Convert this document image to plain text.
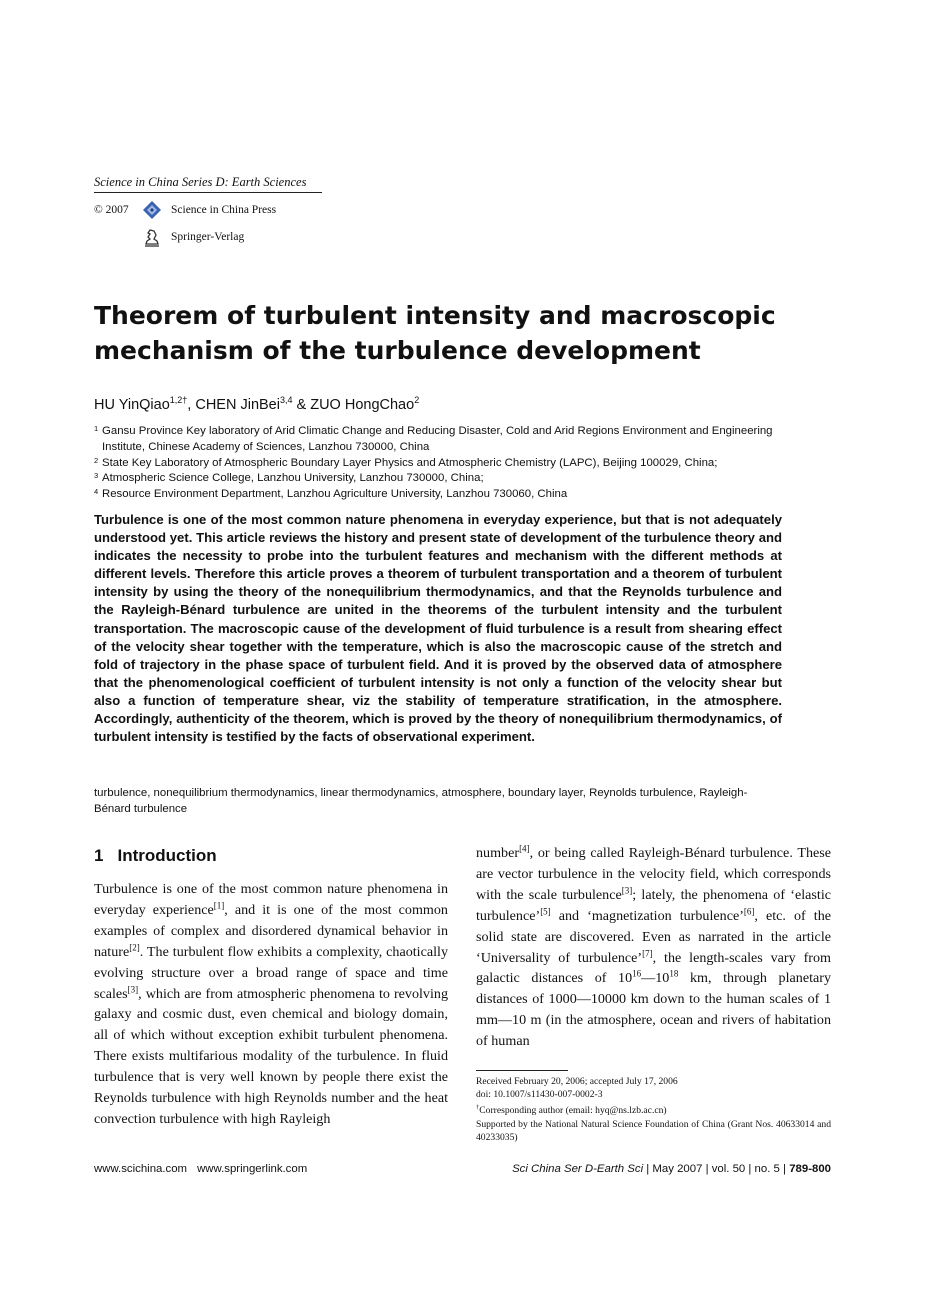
Science in China Series D: Earth Sciences
© 2007	Science in China Press
Springer-Verlag
Theorem of turbulent intensity and macroscopic mechanism of the turbulence development
HU YinQiao$^{1,2\dagger}$, CHEN JinBei$^{3,4}$ & ZUO HongChao$^2$
1 Gansu Province Key laboratory of Arid Climatic Change and Reducing Disaster, Cold and Arid Regions Environment and Engineering Institute, Chinese Academy of Sciences, Lanzhou 730000, China
2 State Key Laboratory of Atmospheric Boundary Layer Physics and Atmospheric Chemistry (LAPC), Beijing 100029, China;
3 Atmospheric Science College, Lanzhou University, Lanzhou 730000, China;
4 Resource Environment Department, Lanzhou Agriculture University, Lanzhou 730060, China

Turbulence is one of the most common nature phenomena in everyday experience, but that is not adequately understood yet. This article reviews the history and present state of development of the turbulence theory and indicates the necessity to probe into the turbulent features and mechanism with the different methods at different levels. Therefore this article proves a theorem of turbulent transportation and a theorem of turbulent intensity by using the theory of the nonequilibrium thermodynamics, and that the Reynolds turbulence and the Rayleigh-Bénard turbulence are united in the theorems of the turbulent intensity and the turbulent transportation. The macroscopic cause of the development of fluid turbulence is a result from shearing effect of the velocity shear together with the temperature, which is also the macroscopic cause of the stretch and fold of trajectory in the phase space of turbulent field. And it is proved by the observed data of atmosphere that the phenomenological coefficient of turbulent intensity is not only a function of the velocity shear but also a function of temperature shear, viz the stability of temperature stratification, in the atmosphere. Accordingly, authenticity of the theorem, which is proved by the theory of nonequilibrium thermodynamics, of turbulent intensity is testified by the facts of observational experiment.

turbulence, nonequilibrium thermodynamics, linear thermodynamics, atmosphere, boundary layer, Reynolds turbulence, Rayleigh-Bénard turbulence

1 Introduction

Turbulence is one of the most common nature phenomena in everyday experience[1], and it is one of the most common examples of complex and disordered dynamical behavior in nature[2]. The turbulent flow exhibits a complexity, chaotically evolving structure over a broad range of space and time scales[3], which are from atmospheric phenomena to revolving galaxy and cosmic dust, even chemical and biology domain, all of which without exception exhibit turbulent phenomena. There exists multifarious modality of the turbulence. In fluid turbulence that is very well known by people there exist the Reynolds turbulence with high Reynolds number and the heat convection turbulence with high Rayleigh

number[4], or being called Rayleigh-Bénard turbulence. These are vector turbulence in the velocity field, which corresponds with the scale turbulence[3]; lately, the phenomena of ‘elastic turbulence’[5] and ‘magnetization turbulence’[6], etc. of the solid state are discovered. Even as narrated in the article ‘Universality of turbulence’[7], the length-scales vary from galactic distances of $10^{16}—10^{18}$ km, through planetary distances of 1000—10000 km down to the human scales of 1 mm—10 m (in the atmosphere, ocean and rivers of habitation of human

Received February 20, 2006; accepted July 17, 2006
doi: 10.1007/s11430-007-0002-3
†Corresponding author (email: hyq@ns.lzb.ac.cn)
Supported by the National Natural Science Foundation of China (Grant Nos. 40633014 and 40233035)
www.scichina.com www.springerlink.com	Sci China Ser D-Earth Sci | May 2007 | vol. 50 | no. 5 | 789-800
